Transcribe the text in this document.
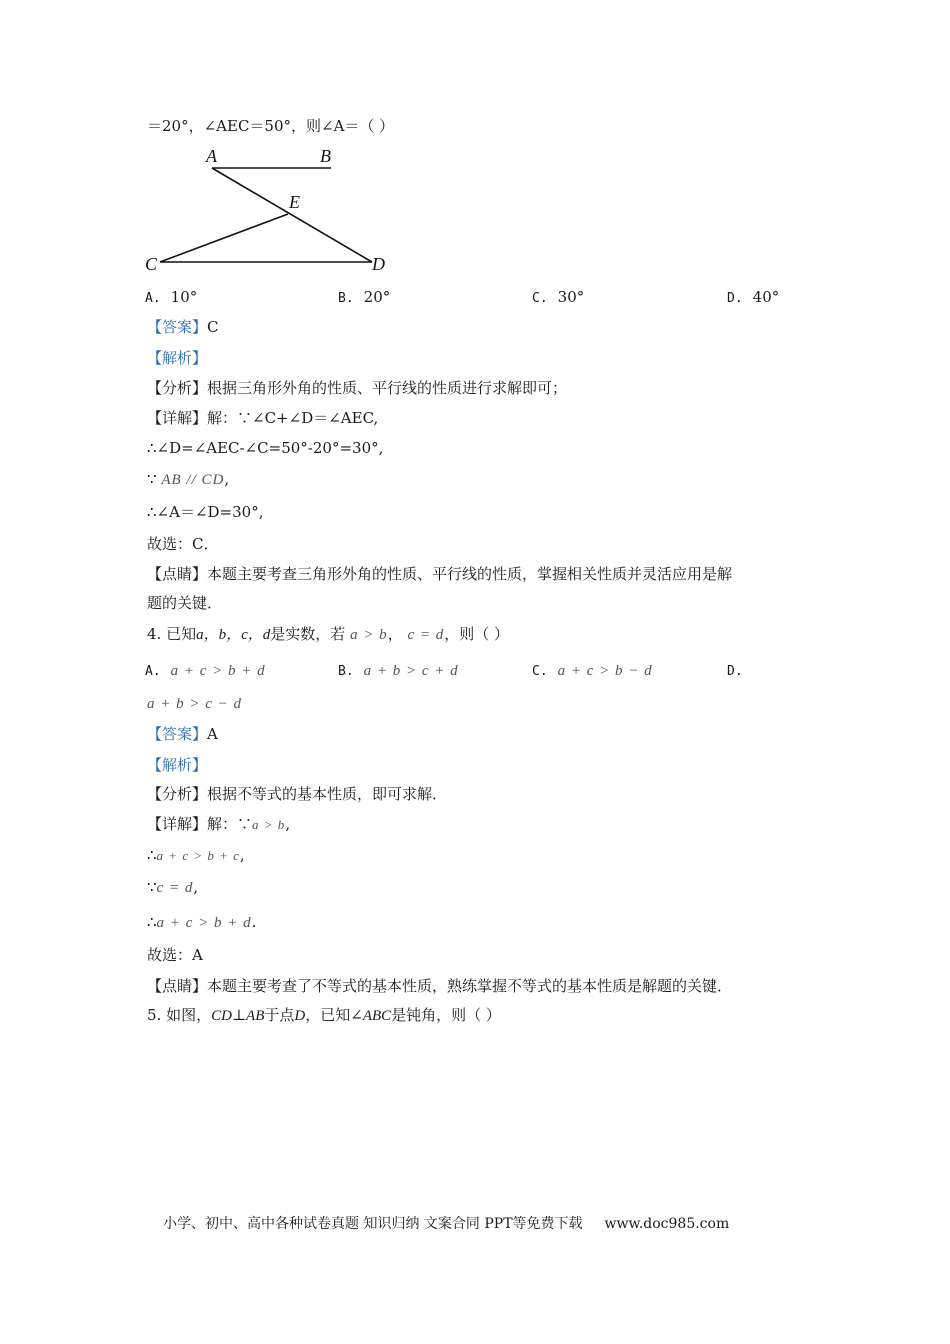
＝20°，∠AEC＝50°，则∠A＝（ ）
A	B
E
C	D
A. 10°	B. 20°	C. 30°	D. 40°
【答案】C
【解析】
【分析】根据三角形外角的性质、平行线的性质进行求解即可；
【详解】解：∵∠C+∠D＝∠AEC,
∴∠D=∠AEC-∠C=50°-20°=30°,
∵ AB // CD,
∴∠A＝∠D=30°,
故选：C．
【点睛】本题主要考查三角形外角的性质、平行线的性质，掌握相关性质并灵活应用是解
题的关键．
4. 已知a，b，c，d是实数，若 a > b， c = d，则（ ）
A. a + c > b + d	B. a + b > c + d	C. a + c > b − d	D.
a + b > c − d
【答案】A
【解析】
【分析】根据不等式的基本性质，即可求解．
【详解】解：∵a > b,
∴a + c > b + c,
∵c = d,
∴a + c > b + d.
故选：A
【点睛】本题主要考查了不等式的基本性质，熟练掌握不等式的基本性质是解题的关键．
5. 如图，CD⊥AB于点D，已知∠ABC是钝角，则（ ）
小学、初中、高中各种试卷真题 知识归纳 文案合同 PPT等免费下载 www.doc985.com
